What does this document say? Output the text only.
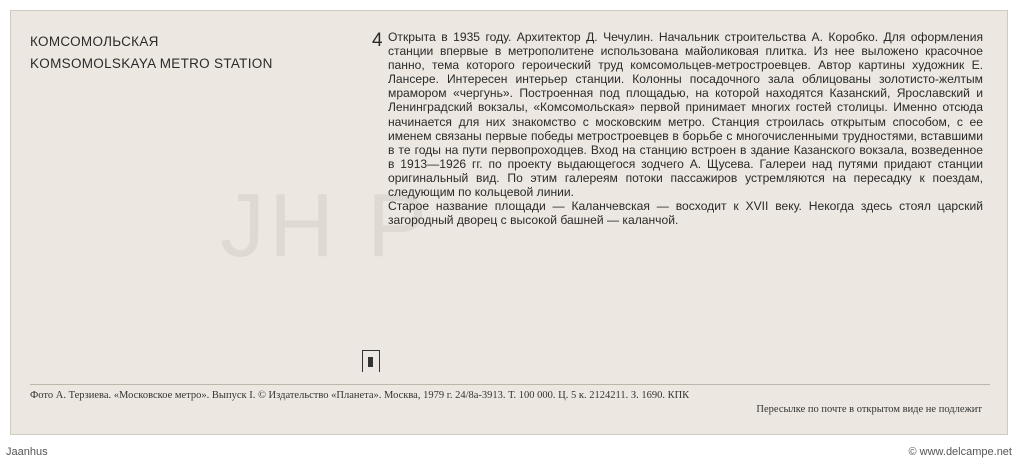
JH P
КОМСОМОЛЬСКАЯ
KOMSOMOLSKAYA METRO STATION
4 Открыта в 1935 году. Архитектор Д. Чечулин. Начальник строительства А. Коробко. Для оформления станции впервые в метрополитене использована майоликовая плитка. Из нее выложено красочное панно, тема которого героический труд комсомольцев-метростроевцев. Автор картины художник Е. Лансере. Интересен интерьер станции. Колонны посадочного зала облицованы золотисто-желтым мрамором «чергунь». Построенная под площадью, на которой находятся Казанский, Ярославский и Ленинградский вокзалы, «Комсомольская» первой принимает многих гостей столицы. Именно отсюда начинается для них знакомство с московским метро. Станция строилась открытым способом, с ее именем связаны первые победы метростроевцев в борьбе с многочисленными трудностями, вставшими в те годы на пути первопроходцев. Вход на станцию встроен в здание Казанского вокзала, возведенное в 1913—1926 гг. по проекту выдающегося зодчего А. Щусева. Галереи над путями придают станции оригинальный вид. По этим галереям потоки пассажиров устремляются на пересадку к поездам, следующим по кольцевой линии.

Старое название площади — Каланчевская — восходит к XVII веку. Некогда здесь стоял царский загородный дворец с высокой башней — каланчой.

Фото А. Терзиева. «Московское метро». Выпуск I. © Издательство «Планета». Москва, 1979 г. 24/8а-3913. Т. 100 000. Ц. 5 к. 2124211. З. 1690. КПК
Пересылке по почте в открытом виде не подлежит
Jaanhus	© www.delcampe.net
